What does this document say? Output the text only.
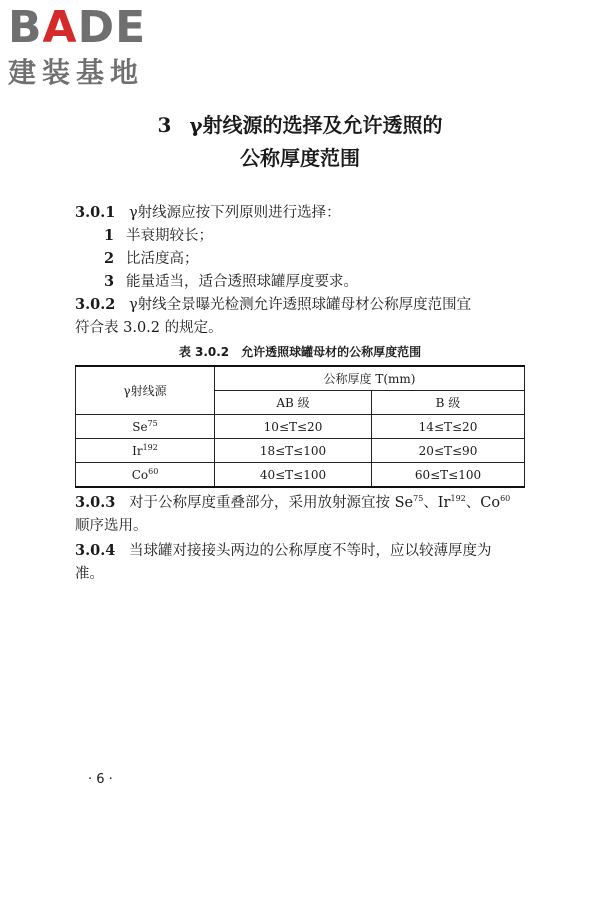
BADE
建装基地
3 γ射线源的选择及允许透照的
公称厚度范围
3.0.1 γ射线源应按下列原则进行选择：
1 半衰期较长；
2 比活度高；
3 能量适当，适合透照球罐厚度要求。
3.0.2 γ射线全景曝光检测允许透照球罐母材公称厚度范围宜
符合表 3.0.2 的规定。
表 3.0.2 允许透照球罐母材的公称厚度范围
γ射线源	公称厚度 T(mm)	
	AB 级	B 级
Se$^{75}$	10≤T≤20	14≤T≤20
Ir$^{192}$	18≤T≤100	20≤T≤90
Co$^{60}$	40≤T≤100	60≤T≤100
3.0.3 对于公称厚度重叠部分，采用放射源宜按 Se$^{75}$、Ir$^{192}$、Co$^{60}$
顺序选用。
3.0.4 当球罐对接接头两边的公称厚度不等时，应以较薄厚度为
准。
· 6 ·
